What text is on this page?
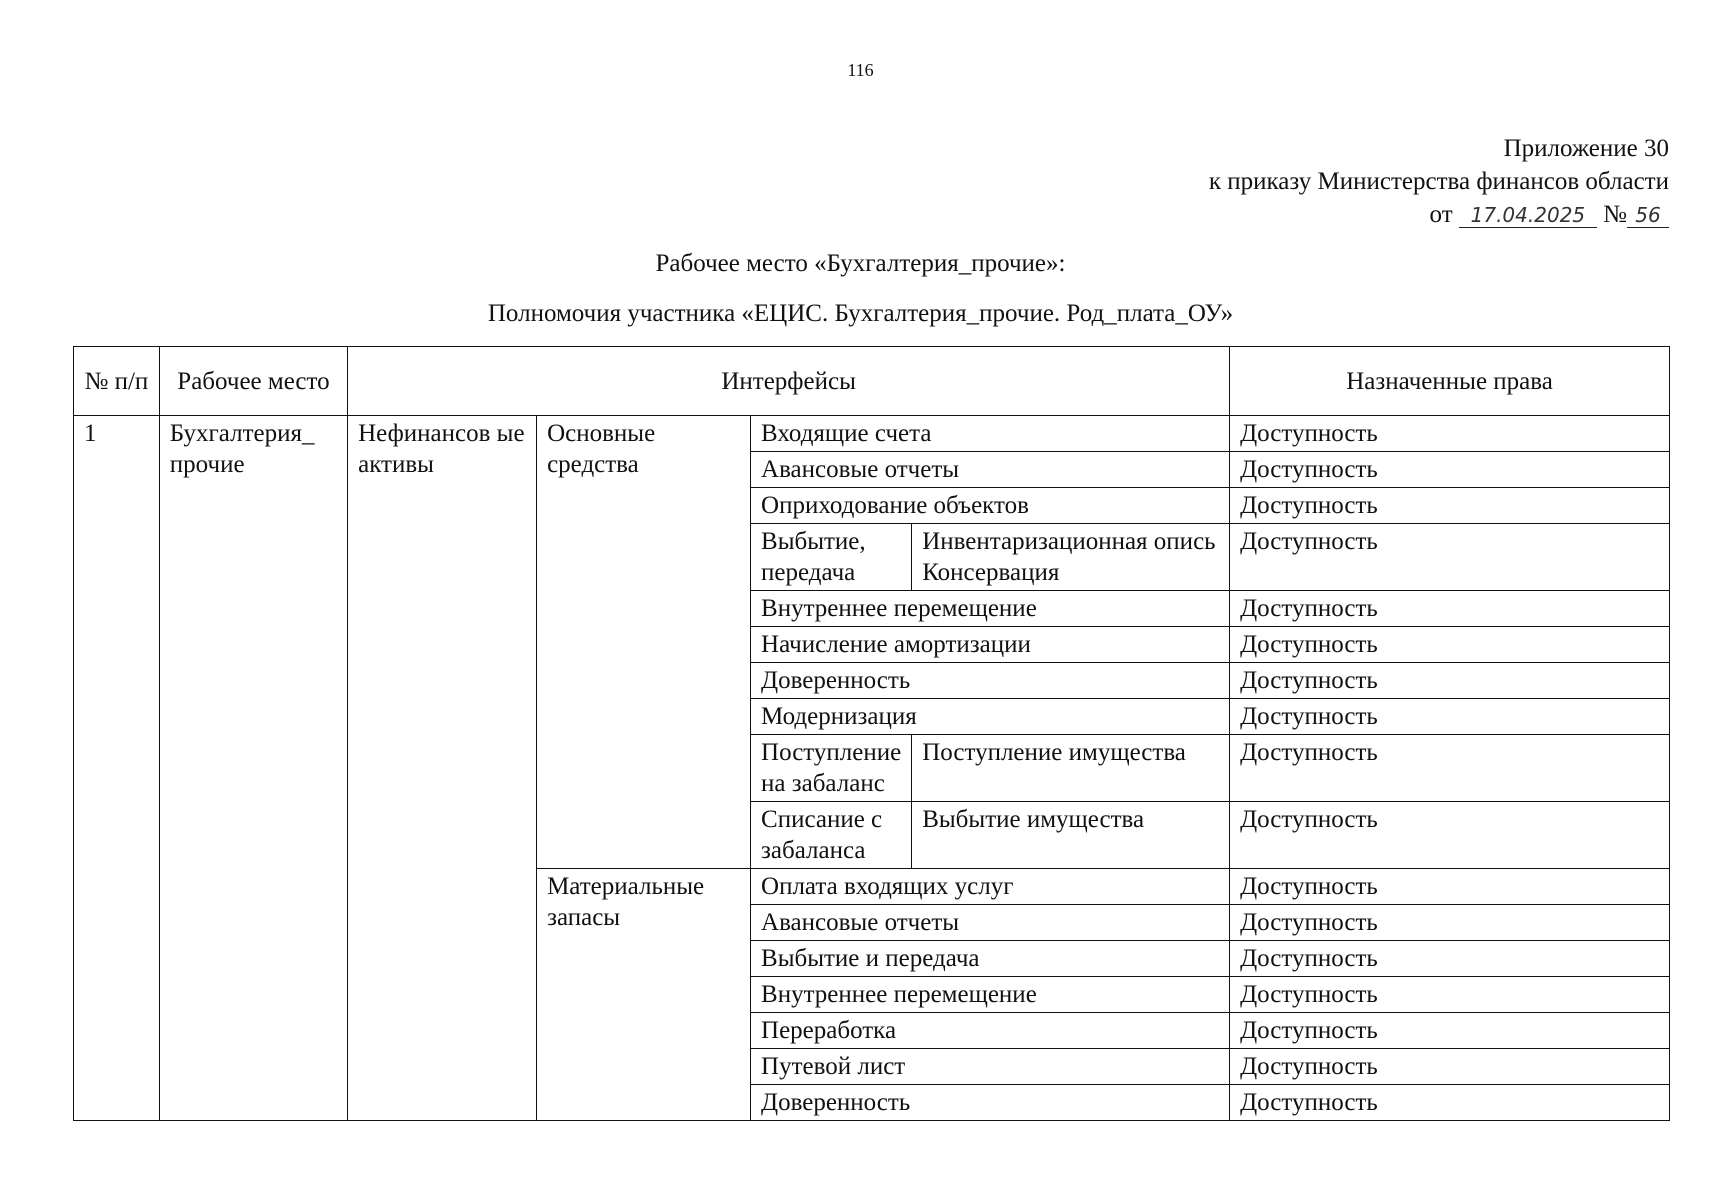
116
Приложение 30
к приказу Министерства финансов области
от 17.04.2025 № 56
Рабочее место «Бухгалтерия_прочие»:
Полномочия участника «ЕЦИС. Бухгалтерия_прочие. Род_плата_ОУ»
№ п/п	Рабочее место	Интерфейсы				Назначенные права
1	Бухгалтерия_ прочие	Нефинансов ые активы	Основные средства	Входящие счета		Доступность
				Авансовые отчеты		Доступность
				Оприходование объектов		Доступность
				Выбытие, передача	Инвентаризационная опись Консервация	Доступность
				Внутреннее перемещение		Доступность
				Начисление амортизации		Доступность
				Доверенность		Доступность
				Модернизация		Доступность
				Поступление на забаланс	Поступление имущества	Доступность
				Списание с забаланса	Выбытие имущества	Доступность
			Материальные запасы	Оплата входящих услуг		Доступность
				Авансовые отчеты		Доступность
				Выбытие и передача		Доступность
				Внутреннее перемещение		Доступность
				Переработка		Доступность
				Путевой лист		Доступность
				Доверенность		Доступность
